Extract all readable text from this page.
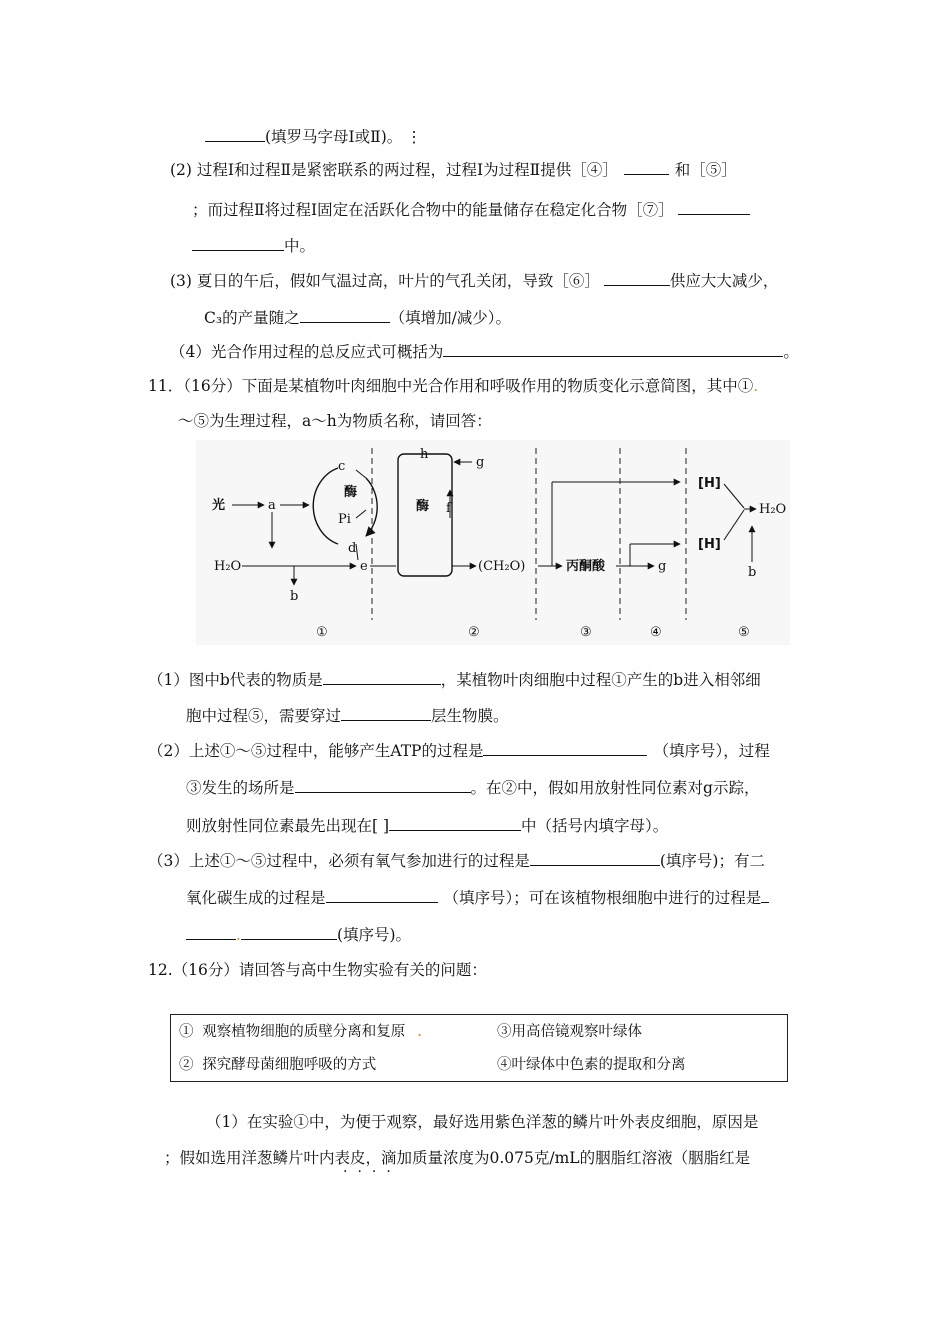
(填罗马字母Ⅰ或Ⅱ)。 ⋮
(2) 过程Ⅰ和过程Ⅱ是紧密联系的两过程，过程Ⅰ为过程Ⅱ提供［④］	和［⑤］
；而过程Ⅱ将过程Ⅰ固定在活跃化合物中的能量储存在稳定化合物［⑦］
中。
(3) 夏日的午后，假如气温过高，叶片的气孔关闭，导致［⑥］	供应大大减少，
C₃的产量随之	（填增加/减少）。
（4）光合作用过程的总反应式可概括为	。
11．（16分）下面是某植物叶肉细胞中光合作用和呼吸作用的物质变化示意简图，其中①.
～⑤为生理过程，a～h为物质名称，请回答：
光	a
c
酶
Pi
d
H₂O
b
e
h
g
酶 f
(CH₂O)	丙酮酸	g
[H]
[H]
H₂O
b
①	②	③	④	⑤
（1）图中b代表的物质是	，某植物叶肉细胞中过程①产生的b进入相邻细
胞中过程⑤，需要穿过	层生物膜。
（2）上述①～⑤过程中，能够产生ATP的过程是	（填序号），过程
③发生的场所是	。在②中，假如用放射性同位素对g示踪，
则放射性同位素最先出现在[ ]	中（括号内填字母）。
（3）上述①～⑤过程中，必须有氧气参加进行的过程是	(填序号)；有二
氧化碳生成的过程是	（填序号）；可在该植物根细胞中进行的过程是
.	(填序号)。
12.（16分）请回答与高中生物实验有关的问题：
① 观察植物细胞的质壁分离和复原 .	③用高倍镜观察叶绿体
② 探究酵母菌细胞呼吸的方式	④叶绿体中色素的提取和分离
（1）在实验①中，为便于观察，最好选用紫色洋葱的鳞片叶外表皮细胞，原因是
；假如选用洋葱鳞片叶内表皮，滴加质量浓度为0.075克/mL的胭脂红溶液（胭脂红是
····
